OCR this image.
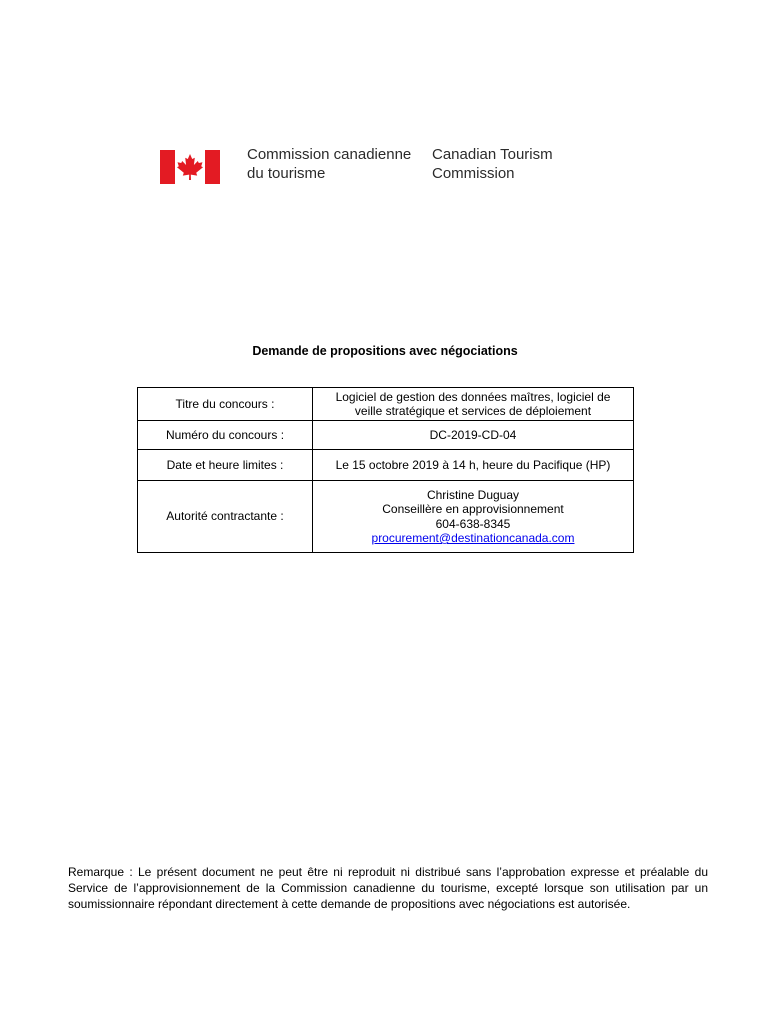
Commission canadienne
du tourisme
Canadian Tourism
Commission
Demande de propositions avec négociations
Titre du concours :	Logiciel de gestion des données maîtres, logiciel de
veille stratégique et services de déploiement

Numéro du concours :	DC-2019-CD-04
Date et heure limites :	Le 15 octobre 2019 à 14 h, heure du Pacifique (HP)
Autorité contractante :	Christine Duguay
Conseillère en approvisionnement
604-638-8345
procurement@destinationcanada.com
Remarque : Le présent document ne peut être ni reproduit ni distribué sans l’approbation expresse et préalable du Service de l’approvisionnement de la Commission canadienne du tourisme, excepté lorsque son utilisation par un soumissionnaire répondant directement à cette demande de propositions avec négociations est autorisée.
